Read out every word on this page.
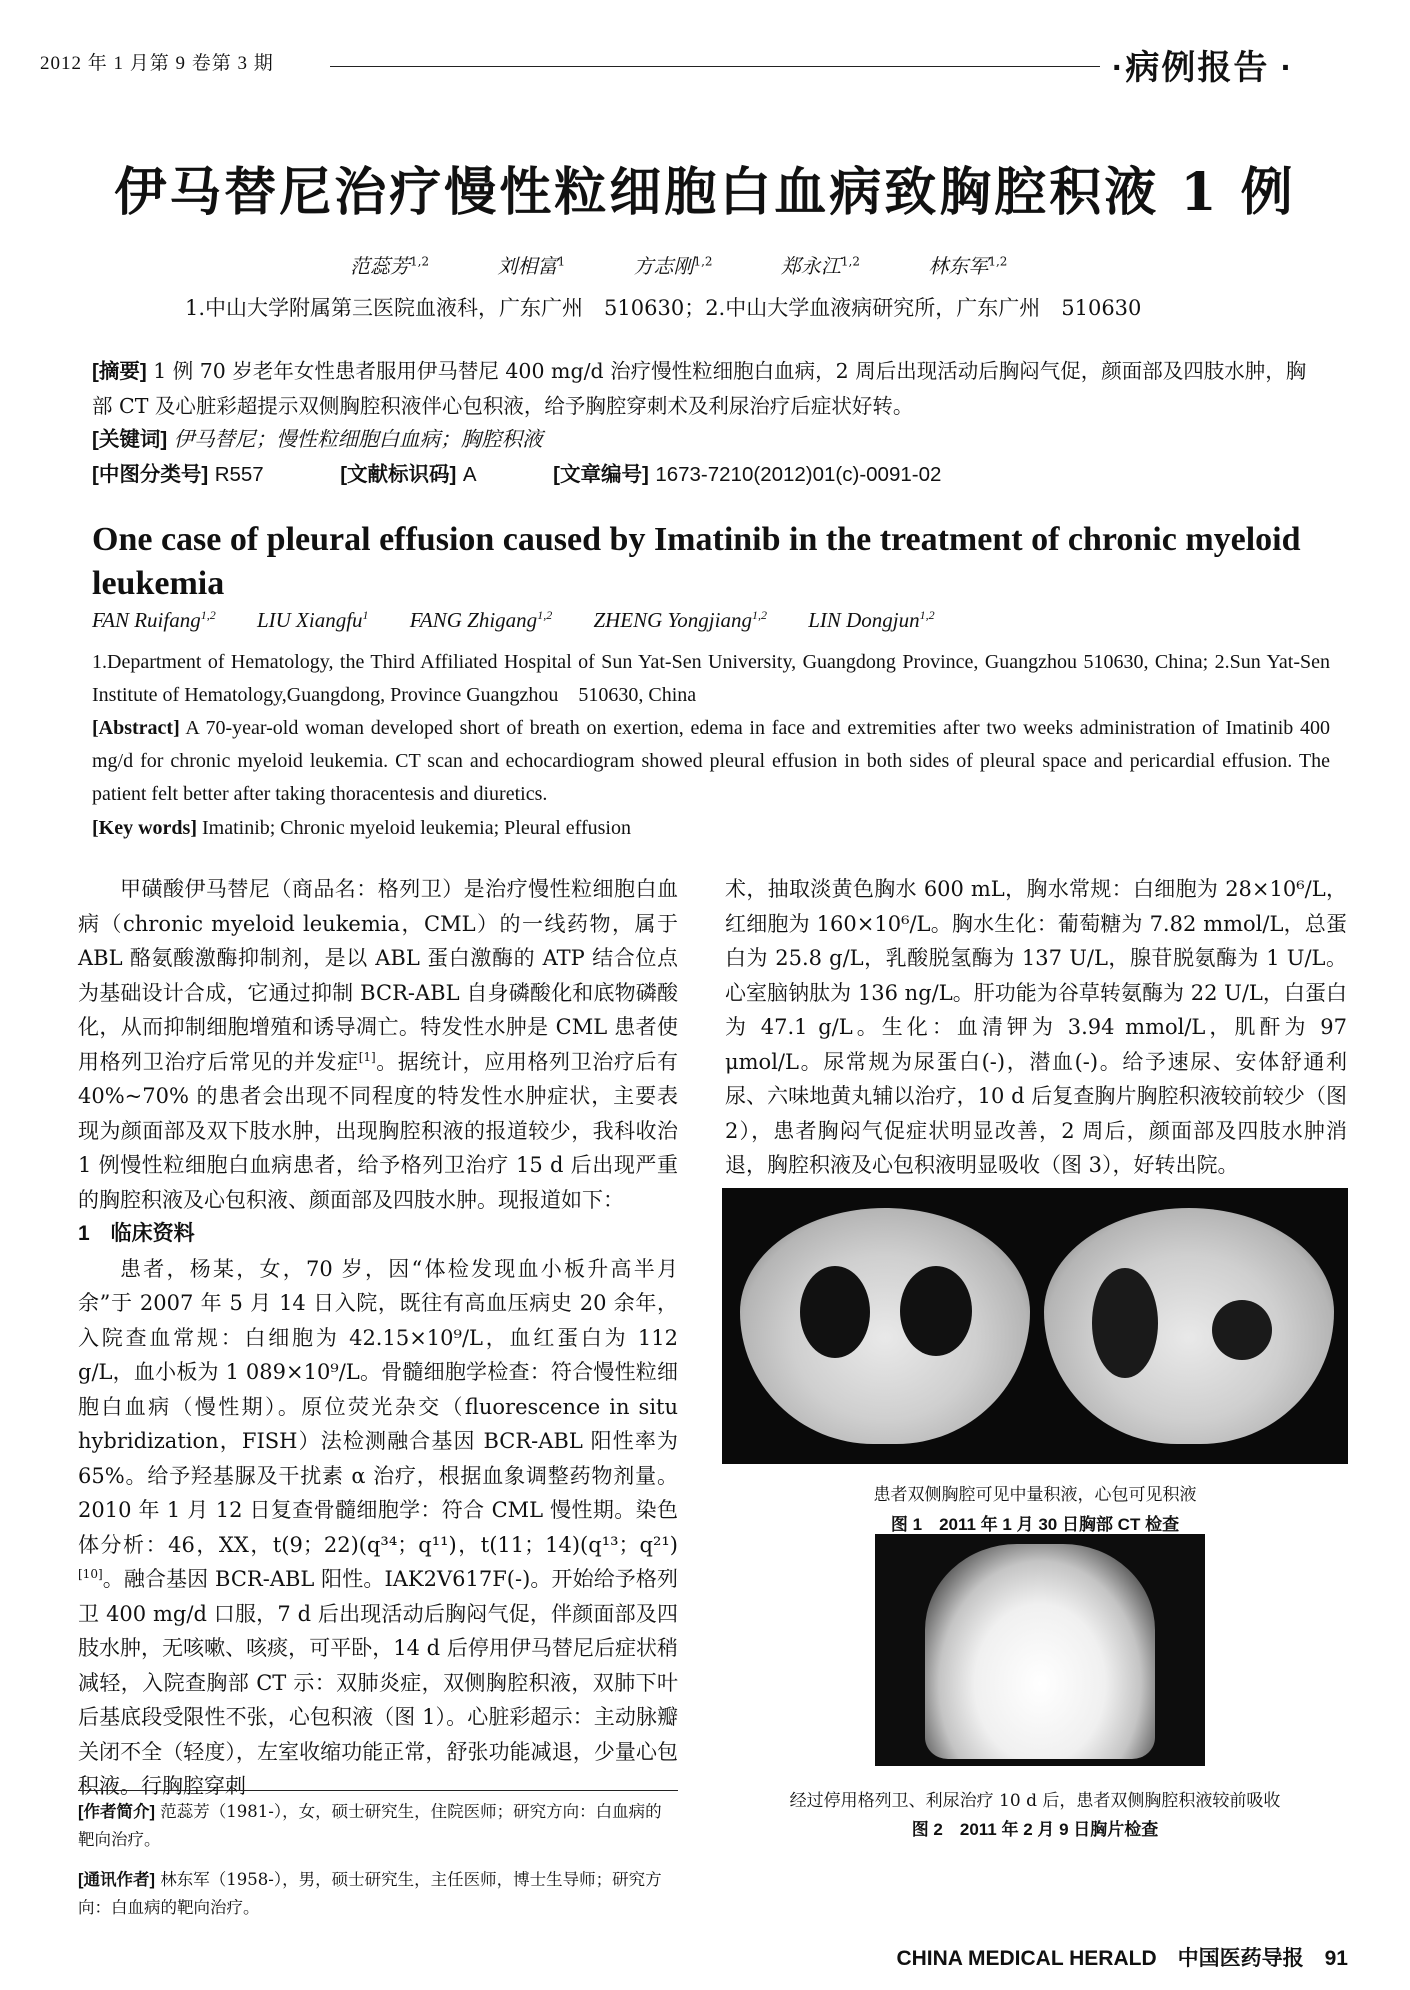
2012 年 1 月第 9 卷第 3 期	·病例报告 ·
伊马替尼治疗慢性粒细胞白血病致胸腔积液 1 例
范蕊芳$^{1,2}$	刘相富$^1$	方志刚$^{1,2}$	郑永江$^{1,2}$	林东军$^{1,2}$
1.中山大学附属第三医院血液科，广东广州　510630；2.中山大学血液病研究所，广东广州　510630
[摘要] 1 例 70 岁老年女性患者服用伊马替尼 400 mg/d 治疗慢性粒细胞白血病，2 周后出现活动后胸闷气促，颜面部及四肢水肿，胸部 CT 及心脏彩超提示双侧胸腔积液伴心包积液，给予胸腔穿刺术及利尿治疗后症状好转。
[关键词] 伊马替尼；慢性粒细胞白血病；胸腔积液
[中图分类号] R557	[文献标识码] A	[文章编号] 1673-7210(2012)01(c)-0091-02
One case of pleural effusion caused by Imatinib in the treatment of chronic myeloid leukemia
FAN Ruifang$^{1,2}$ LIU Xiangfu$^1$ FANG Zhigang$^{1,2}$ ZHENG Yongjiang$^{1,2}$ LIN Dongjun$^{1,2}$
1.Department of Hematology, the Third Affiliated Hospital of Sun Yat-Sen University, Guangdong Province, Guangzhou 510630, China; 2.Sun Yat-Sen Institute of Hematology,Guangdong, Province Guangzhou　510630, China
[Abstract] A 70-year-old woman developed short of breath on exertion, edema in face and extremities after two weeks administration of Imatinib 400 mg/d for chronic myeloid leukemia. CT scan and echocardiogram showed pleural effusion in both sides of pleural space and pericardial effusion. The patient felt better after taking thoracentesis and diuretics.
[Key words] Imatinib; Chronic myeloid leukemia; Pleural effusion

甲磺酸伊马替尼（商品名：格列卫）是治疗慢性粒细胞白血病（chronic myeloid leukemia，CML）的一线药物，属于 ABL 酪氨酸激酶抑制剂，是以 ABL 蛋白激酶的 ATP 结合位点为基础设计合成，它通过抑制 BCR-ABL 自身磷酸化和底物磷酸化，从而抑制细胞增殖和诱导凋亡。特发性水肿是 CML 患者使用格列卫治疗后常见的并发症[1]。据统计，应用格列卫治疗后有 40%~70% 的患者会出现不同程度的特发性水肿症状，主要表现为颜面部及双下肢水肿，出现胸腔积液的报道较少，我科收治 1 例慢性粒细胞白血病患者，给予格列卫治疗 15 d 后出现严重的胸腔积液及心包积液、颜面部及四肢水肿。现报道如下：

1　临床资料

患者，杨某，女，70 岁，因“体检发现血小板升高半月余”于 2007 年 5 月 14 日入院，既往有高血压病史 20 余年，入院查血常规：白细胞为 42.15×10⁹/L，血红蛋白为 112 g/L，血小板为 1 089×10⁹/L。骨髓细胞学检查：符合慢性粒细胞白血病（慢性期）。原位荧光杂交（fluorescence in situ hybridization，FISH）法检测融合基因 BCR-ABL 阳性率为 65%。给予羟基脲及干扰素 α 治疗，根据血象调整药物剂量。2010 年 1 月 12 日复查骨髓细胞学：符合 CML 慢性期。染色体分析：46，XX，t(9；22)(q³⁴；q¹¹)，t(11；14)(q¹³；q²¹)[10]。融合基因 BCR-ABL 阳性。IAK2V617F(-)。开始给予格列卫 400 mg/d 口服，7 d 后出现活动后胸闷气促，伴颜面部及四肢水肿，无咳嗽、咳痰，可平卧，14 d 后停用伊马替尼后症状稍减轻，入院查胸部 CT 示：双肺炎症，双侧胸腔积液，双肺下叶后基底段受限性不张，心包积液（图 1）。心脏彩超示：主动脉瓣关闭不全（轻度），左室收缩功能正常，舒张功能减退，少量心包积液。行胸腔穿刺

术，抽取淡黄色胸水 600 mL，胸水常规：白细胞为 28×10⁶/L，红细胞为 160×10⁶/L。胸水生化：葡萄糖为 7.82 mmol/L，总蛋白为 25.8 g/L，乳酸脱氢酶为 137 U/L，腺苷脱氨酶为 1 U/L。心室脑钠肽为 136 ng/L。肝功能为谷草转氨酶为 22 U/L，白蛋白为 47.1 g/L。生化：血清钾为 3.94 mmol/L，肌酐为 97 μmol/L。尿常规为尿蛋白(-)，潜血(-)。给予速尿、安体舒通利尿、六味地黄丸辅以治疗，10 d 后复查胸片胸腔积液较前较少（图 2），患者胸闷气促症状明显改善，2 周后，颜面部及四肢水肿消退，胸腔积液及心包积液明显吸收（图 3），好转出院。

患者双侧胸腔可见中量积液，心包可见积液
图 1　2011 年 1 月 30 日胸部 CT 检查
经过停用格列卫、利尿治疗 10 d 后，患者双侧胸腔积液较前吸收
图 2　2011 年 2 月 9 日胸片检查
[作者简介] 范蕊芳（1981-），女，硕士研究生，住院医师；研究方向：白血病的靶向治疗。
[通讯作者] 林东军（1958-），男，硕士研究生，主任医师，博士生导师；研究方向：白血病的靶向治疗。
CHINA MEDICAL HERALD　中国医药导报　91
